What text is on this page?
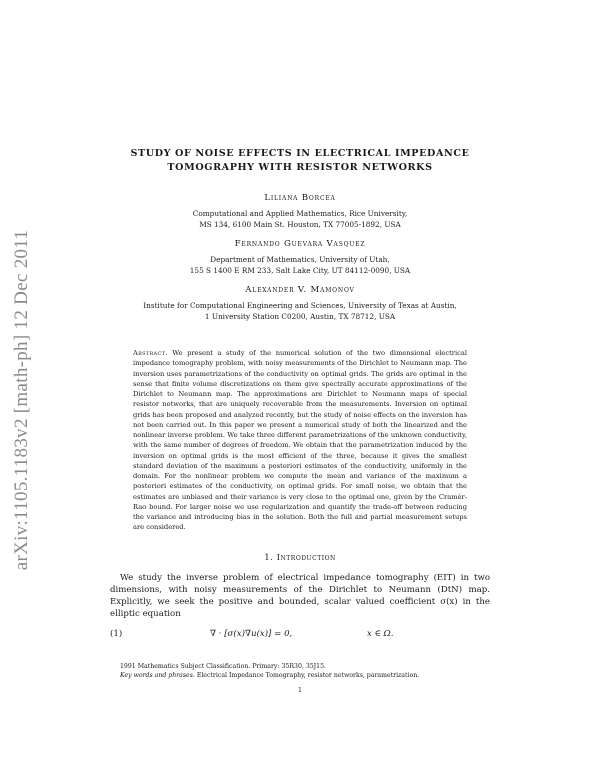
arXiv:1105.1183v2 [math-ph] 12 Dec 2011
STUDY OF NOISE EFFECTS IN ELECTRICAL IMPEDANCE
TOMOGRAPHY WITH RESISTOR NETWORKS
Liliana Borcea
Computational and Applied Mathematics, Rice University,
MS 134, 6100 Main St. Houston, TX 77005-1892, USA
Fernando Guevara Vasquez
Department of Mathematics, University of Utah,
155 S 1400 E RM 233, Salt Lake City, UT 84112-0090, USA
Alexander V. Mamonov
Institute for Computational Engineering and Sciences, University of Texas at Austin,
1 University Station C0200, Austin, TX 78712, USA
Abstract. We present a study of the numerical solution of the two dimensional electrical impedance tomography problem, with noisy measurements of the Dirichlet to Neumann map. The inversion uses parametrizations of the conductivity on optimal grids. The grids are optimal in the sense that finite volume discretizations on them give spectrally accurate approximations of the Dirichlet to Neumann map. The approximations are Dirichlet to Neumann maps of special resistor networks, that are uniquely recoverable from the measurements. Inversion on optimal grids has been proposed and analyzed recently, but the study of noise effects on the inversion has not been carried out. In this paper we present a numerical study of both the linearized and the nonlinear inverse problem. We take three different parametrizations of the unknown conductivity, with the same number of degrees of freedom. We obtain that the parametrization induced by the inversion on optimal grids is the most efficient of the three, because it gives the smallest standard deviation of the maximum a posteriori estimates of the conductivity, uniformly in the domain. For the nonlinear problem we compute the mean and variance of the maximum a posteriori estimates of the conductivity, on optimal grids. For small noise, we obtain that the estimates are unbiased and their variance is very close to the optimal one, given by the Cramér-Rao bound. For larger noise we use regularization and quantify the trade-off between reducing the variance and introducing bias in the solution. Both the full and partial measurement setups are considered.
1. Introduction

We study the inverse problem of electrical impedance tomography (EIT) in two dimensions, with noisy measurements of the Dirichlet to Neumann (DtN) map. Explicitly, we seek the positive and bounded, scalar valued coefficient σ(x) in the elliptic equation

(1)	∇ · [σ(x)∇u(x)] = 0,	x ∈ Ω.
1991 Mathematics Subject Classification. Primary: 35R30, 35J15.
Key words and phrases. Electrical Impedance Tomography, resistor networks, parametrization.
1
